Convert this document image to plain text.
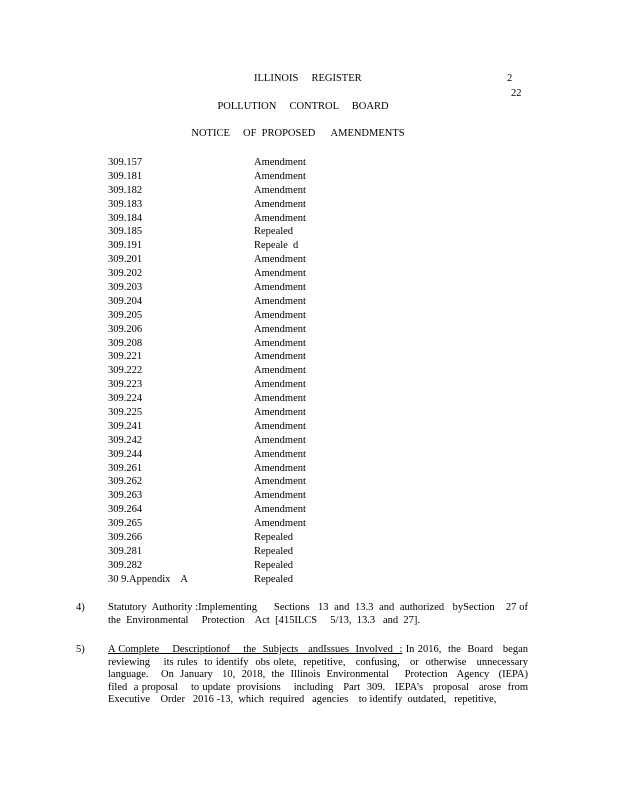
ILLINOIS     REGISTER	2
22
POLLUTION     CONTROL     BOARD
NOTICE     OF  PROPOSED      AMENDMENTS
309.157	Amendment
309.181	Amendment
309.182	Amendment
309.183	Amendment
309.184	Amendment
309.185	Repealed
309.191	Repeale  d
309.201	Amendment
309.202	Amendment
309.203	Amendment
309.204	Amendment
309.205	Amendment
309.206	Amendment
309.208	Amendment
309.221	Amendment
309.222	Amendment
309.223	Amendment
309.224	Amendment
309.225	Amendment
309.241	Amendment
309.242	Amendment
309.244	Amendment
309.261	Amendment
309.262	Amendment
309.263	Amendment
309.264	Amendment
309.265	Amendment
309.266	Repealed
309.281	Repealed
309.282	Repealed
30 9.Appendix    A	Repealed
4) Statutory  Authority :Implementing      Sections   13  and  13.3  and  authorized   bySection    27 of  the  Environmental     Protection    Act  [415ILCS     5/13,  13.3   and  27].
5) A Complete    Descriptionof    the  Subjects   andIssues  Involved  : In 2016,  the  Board   began reviewing    its rules  to identify  obs olete,  repetitive,   confusing,   or  otherwise   unnecessary language.    On  January   10,  2018,  the  Illinois  Environmental     Protection   Agency   (IEPA) filed  a proposal    to update  provisions    including   Part  309.   IEPA’s   proposal   arose  from Executive    Order   2016 -13,  which  required   agencies    to identify  outdated,   repetitive,
